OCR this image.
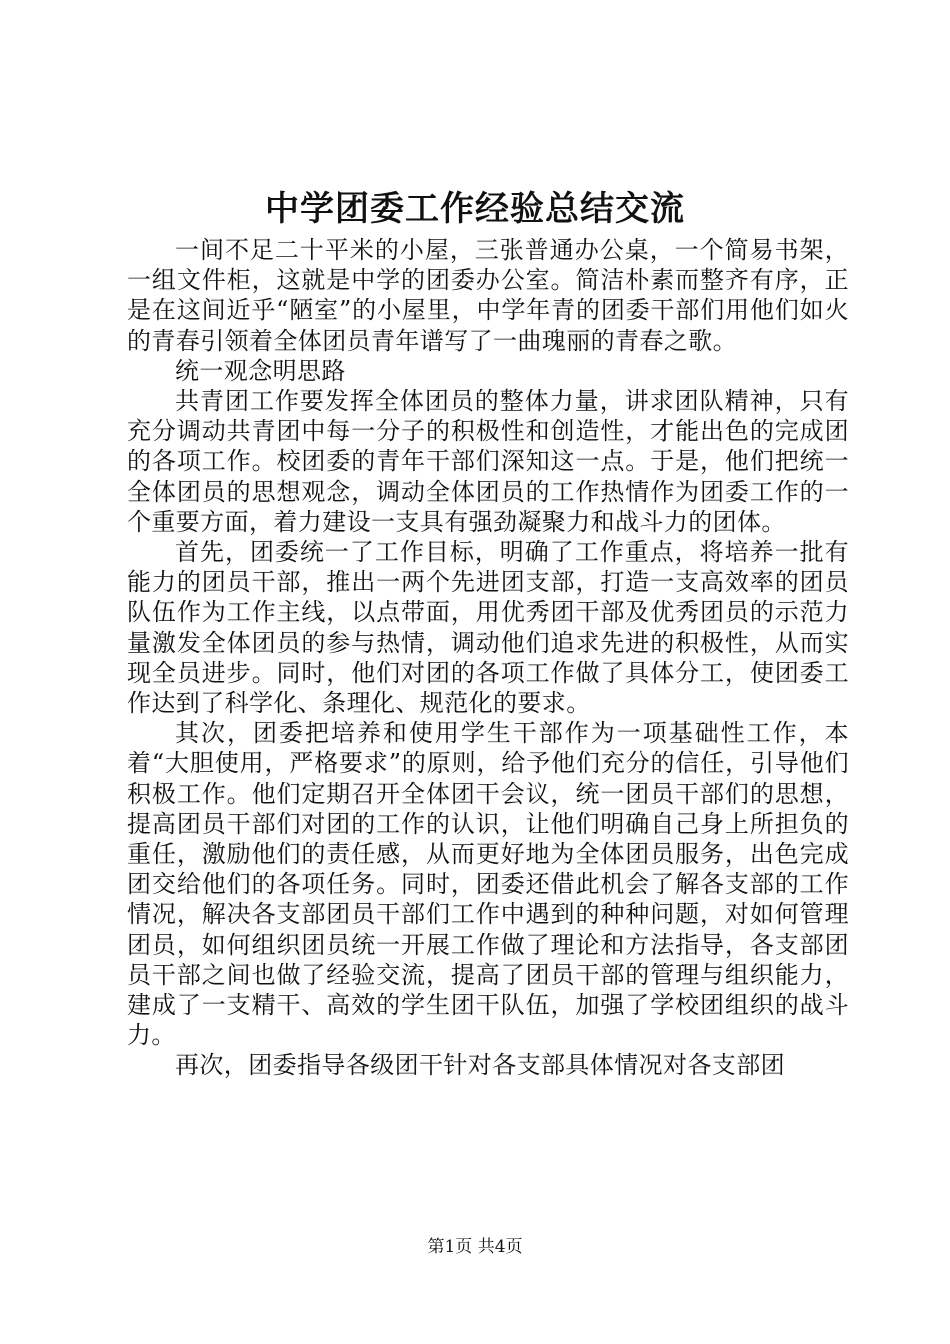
中学团委工作经验总结交流

一间不足二十平米的小屋，三张普通办公桌，一个简易书架，一组文件柜，这就是中学的团委办公室。简洁朴素而整齐有序，正是在这间近乎“陋室”的小屋里，中学年青的团委干部们用他们如火的青春引领着全体团员青年谱写了一曲瑰丽的青春之歌。

统一观念明思路

共青团工作要发挥全体团员的整体力量，讲求团队精神，只有充分调动共青团中每一分子的积极性和创造性，才能出色的完成团的各项工作。校团委的青年干部们深知这一点。于是，他们把统一全体团员的思想观念，调动全体团员的工作热情作为团委工作的一个重要方面，着力建设一支具有强劲凝聚力和战斗力的团体。

首先，团委统一了工作目标，明确了工作重点，将培养一批有能力的团员干部，推出一两个先进团支部，打造一支高效率的团员队伍作为工作主线，以点带面，用优秀团干部及优秀团员的示范力量激发全体团员的参与热情，调动他们追求先进的积极性，从而实现全员进步。同时，他们对团的各项工作做了具体分工，使团委工作达到了科学化、条理化、规范化的要求。

其次，团委把培养和使用学生干部作为一项基础性工作，本着“大胆使用，严格要求”的原则，给予他们充分的信任，引导他们积极工作。他们定期召开全体团干会议，统一团员干部们的思想，提高团员干部们对团的工作的认识，让他们明确自己身上所担负的重任，激励他们的责任感，从而更好地为全体团员服务，出色完成团交给他们的各项任务。同时，团委还借此机会了解各支部的工作情况，解决各支部团员干部们工作中遇到的种种问题，对如何管理团员，如何组织团员统一开展工作做了理论和方法指导，各支部团员干部之间也做了经验交流，提高了团员干部的管理与组织能力，建成了一支精干、高效的学生团干队伍，加强了学校团组织的战斗力。

再次，团委指导各级团干针对各支部具体情况对各支部团

第1页 共4页
